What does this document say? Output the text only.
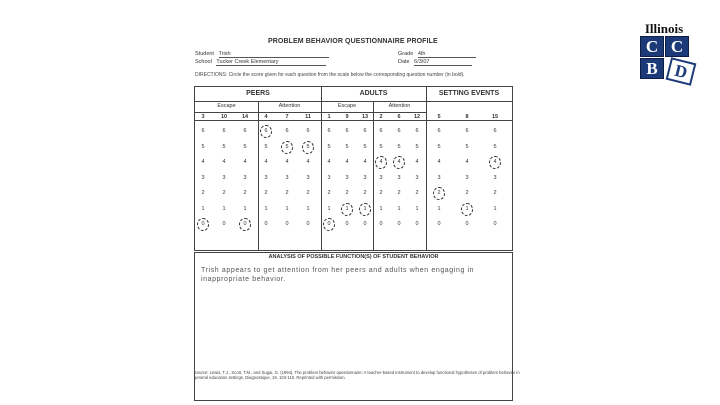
Illinois
C C
B D
PROBLEM BEHAVIOR QUESTIONNAIRE PROFILE
Student Trish
School Tucker Creek Elementary
Grade 4th
Date 6/3/07
DIRECTIONS: Circle the score given for each question from the scale below the corresponding question number (in bold).
PEERS	ADULTS	SETTING EVENTS
Escape	Attention	Escape	Attention
3	10	14	4	7	11	1	9	13	2	6	12	5	8	15
6	6	6	6	6	6	6	6	6	6	6	6	6	6	6
5	5	5	5	5	5	5	5	5	5	5	5	5	5	5
4	4	4	4	4	4	4	4	4	4	4	4	4	4	4
3	3	3	3	3	3	3	3	3	3	3	3	3	3	3
2	2	2	2	2	2	2	2	2	2	2	2	2	2	2
1	1	1	1	1	1	1	1	1	1	1	1	1	1	1
0	0	0	0	0	0	0	0	0	0	0	0	0	0	0
ANALYSIS OF POSSIBLE FUNCTION(S) OF STUDENT BEHAVIOR
Trish appears to get attention from her peers and adults when engaging in inappropriate behavior.
Source: Lewis, T.J., Scott, T.M., and Sugai, G. (1994). The problem behavior questionnaire: A teacher-based instrument to develop functional hypotheses of problem behavior in general education settings. Diagnostique, 19, 103-115. Reprinted with permission.
